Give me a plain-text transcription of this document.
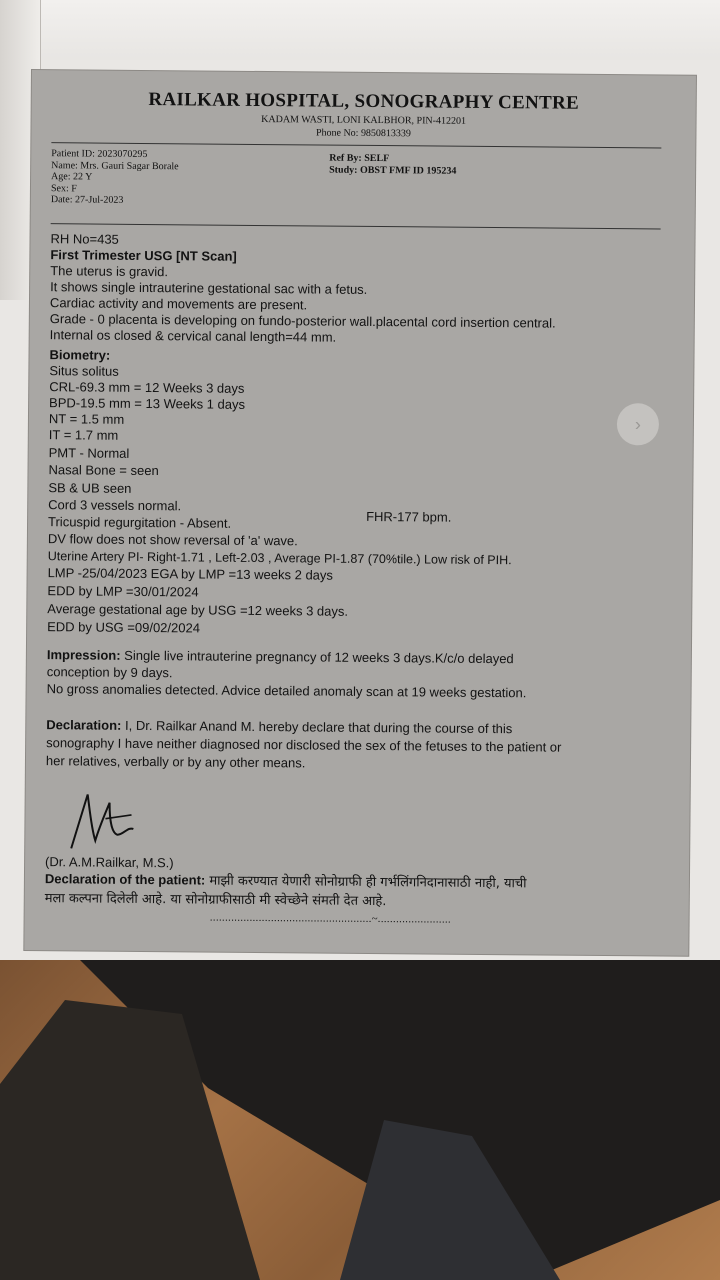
RAILKAR HOSPITAL, SONOGRAPHY CENTRE
KADAM WASTI, LONI KALBHOR, PIN-412201
Phone No: 9850813339
Patient ID: 2023070295
Name: Mrs. Gauri Sagar Borale
Age: 22 Y
Sex: F
Date: 27-Jul-2023
Ref By: SELF
Study: OBST FMF ID 195234
RH No=435
First Trimester USG [NT Scan]
The uterus is gravid.
It shows single intrauterine gestational sac with a fetus.
Cardiac activity and movements are present.
Grade - 0 placenta is developing on fundo-posterior wall.placental cord insertion central.
Internal os closed & cervical canal length=44 mm.
Biometry:
Situs solitus
CRL-69.3 mm = 12 Weeks 3 days
BPD-19.5 mm = 13 Weeks 1 days
NT = 1.5 mm
IT = 1.7 mm
PMT - Normal
Nasal Bone = seen
SB & UB seen
Cord 3 vessels normal.
Tricuspid regurgitation - Absent.	FHR-177 bpm.
DV flow does not show reversal of 'a' wave.
Uterine Artery PI- Right-1.71 , Left-2.03 , Average PI-1.87 (70%tile.) Low risk of PIH.
LMP -25/04/2023 EGA by LMP =13 weeks 2 days
EDD by LMP =30/01/2024
Average gestational age by USG =12 weeks 3 days.
EDD by USG =09/02/2024
Impression: Single live intrauterine pregnancy of 12 weeks 3 days.K/c/o delayed
conception by 9 days.
No gross anomalies detected. Advice detailed anomaly scan at 19 weeks gestation.
Declaration: I, Dr. Railkar Anand M. hereby declare that during the course of this
sonography I have neither diagnosed nor disclosed the sex of the fetuses to the patient or
her relatives, verbally or by any other means.
(Dr. A.M.Railkar, M.S.)
Declaration of the patient: माझी करण्यात येणारी सोनोग्राफी ही गर्भलिंगनिदानासाठी नाही, याची
मला कल्पना दिलेली आहे. या सोनोग्राफीसाठी मी स्वेच्छेने संमती देत आहे.
.....................................................~........................
›
